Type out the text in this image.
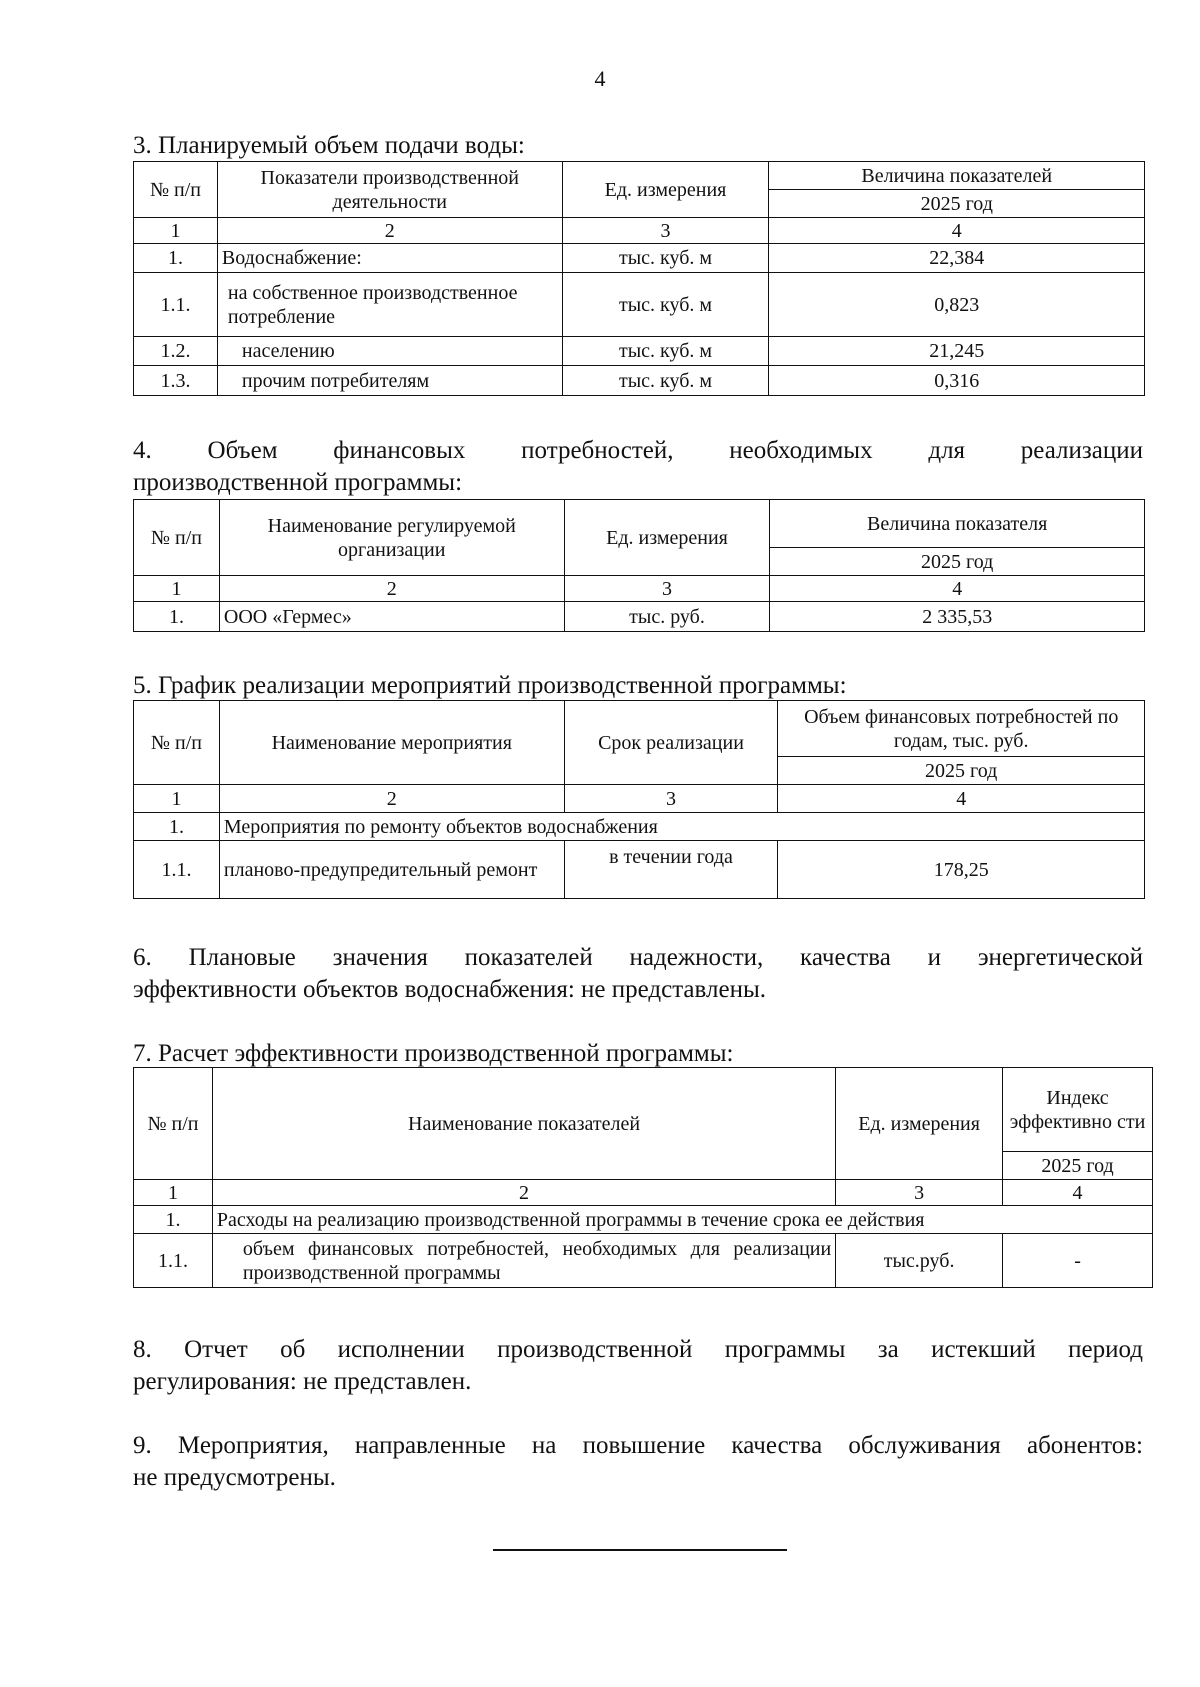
4
3. Планируемый объем подачи воды:
№ п/п	Показатели производственной деятельности	Ед. измерения	Величина показателей
			2025 год
1	2	3	4
1.	Водоснабжение:	тыс. куб. м	22,384
1.1.	на собственное производственное потребление	тыс. куб. м	0,823
1.2.	населению	тыс. куб. м	21,245
1.3.	прочим потребителям	тыс. куб. м	0,316
4. Объем финансовых потребностей, необходимых для реализации
производственной программы:
№ п/п	Наименование регулируемой организации	Ед. измерения	Величина показателя
			2025 год
1	2	3	4
1.	ООО «Гермес»	тыс. руб.	2 335,53
5. График реализации мероприятий производственной программы:
№ п/п	Наименование мероприятия	Срок реализации	Объем финансовых потребностей по годам, тыс. руб.
			2025 год
1	2	3	4
1.	Мероприятия по ремонту объектов водоснабжения		
1.1.	планово-предупредительный ремонт	в течении года	178,25
6. Плановые значения показателей надежности, качества и энергетической
эффективности объектов водоснабжения: не представлены.
7. Расчет эффективности производственной программы:
№ п/п	Наименование показателей	Ед. измерения	Индекс эффективно сти
			2025 год
1	2	3	4
1.	Расходы на реализацию производственной программы в течение срока ее действия		
1.1.	объем финансовых потребностей, необходимых для реализации производственной программы	тыс.руб.	-
8. Отчет об исполнении производственной программы за истекший период
регулирования: не представлен.
9. Мероприятия, направленные на повышение качества обслуживания абонентов:
не предусмотрены.
